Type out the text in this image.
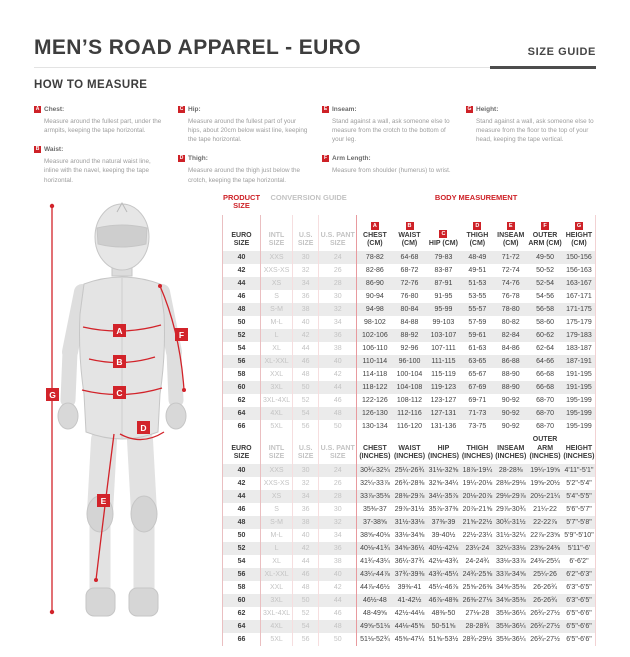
MEN’S ROAD APPAREL - EURO	SIZE GUIDE
HOW TO MEASURE
A Chest:
Measure around the fullest part, under the armpits, keeping the tape horizontal.
B Waist:
Measure around the natural waist line, inline with the navel, keeping the tape horizontal.
C Hip:
Measure around the fullest part of your hips, about 20cm below waist line, keeping the tape horizontal.
D Thigh:
Measure around the thigh just below the crotch, keeping the tape horizontal.
E Inseam:
Stand against a wall, ask someone else to measure from the crotch to the bottom of your leg.
F Arm Length:
Measure from shoulder (humerus) to wrist.
G Height:
Stand against a wall, ask someone else to measure from the floor to the top of your head, keeping the tape vertical.
A
B
C
D
E
F
G
PRODUCT SIZE	CONVERSION GUIDE			BODY MEASUREMENT						

EURO SIZE

INTL SIZE

U.S. SIZE

U.S. PANT SIZE

A
CHEST (CM)

B
WAIST (CM)

C
HIP (CM)

D
THIGH (CM)

E
INSEAM (CM)

F
OUTER ARM (CM)

G
HEIGHT (CM)

40	XXS	30	24	78-82	64-68	79-83	48-49	71-72	49-50	150-156
42	XXS-XS	32	26	82-86	68-72	83-87	49-51	72-74	50-52	156-163
44	XS	34	28	86-90	72-76	87-91	51-53	74-76	52-54	163-167
46	S	36	30	90-94	76-80	91-95	53-55	76-78	54-56	167-171
48	S-M	38	32	94-98	80-84	95-99	55-57	78-80	56-58	171-175
50	M-L	40	34	98-102	84-88	99-103	57-59	80-82	58-60	175-179
52	L	42	36	102-106	88-92	103-107	59-61	82-84	60-62	179-183
54	XL	44	38	106-110	92-96	107-111	61-63	84-86	62-64	183-187
56	XL-XXL	46	40	110-114	96-100	111-115	63-65	86-88	64-66	187-191
58	XXL	48	42	114-118	100-104	115-119	65-67	88-90	66-68	191-195
60	3XL	50	44	118-122	104-108	119-123	67-69	88-90	66-68	191-195
62	3XL-4XL	52	46	122-126	108-112	123-127	69-71	90-92	68-70	195-199
64	4XL	54	48	126-130	112-116	127-131	71-73	90-92	68-70	195-199
66	5XL	56	50	130-134	116-120	131-136	73-75	90-92	68-70	195-199

EURO SIZE	INTL SIZE	U.S. SIZE	U.S. PANT SIZE	CHEST (INCHES)	WAIST (INCHES)	HIP (INCHES)	THIGH (INCHES)	INSEAM (INCHES)	OUTER ARM (INCHES)	HEIGHT (INCHES)

40	XXS	30	24	30¾-32¼	25¼-26¾	31⅛-32⅝	18⅞-19¼	28-28⅜	19¼-19⅝	4'11"-5'1"
42	XXS-XS	32	26	32¼-33⅞	26¾-28⅜	32⅝-34¼	19¼-20⅛	28⅜-29⅛	19⅝-20½	5'2"-5'4"
44	XS	34	28	33⅞-35⅜	28⅜-29⅞	34¼-35⅞	20⅛-20⅞	29⅛-29⅞	20½-21¼	5'4"-5'5"
46	S	36	30	35⅜-37	29⅞-31½	35⅞-37⅜	20⅞-21⅝	29⅞-30¾	21¼-22	5'6"-5'7"
48	S-M	38	32	37-38⅝	31½-33⅛	37⅜-39	21⅝-22½	30¾-31½	22-22⅞	5'7"-5'8"
50	M-L	40	34	38⅝-40⅛	33⅛-34⅝	39-40½	22½-23¼	31½-32¼	22⅞-23⅝	5'9"-5'10"
52	L	42	36	40⅛-41¾	34⅝-36¼	40½-42⅛	23¼-24	32¼-33⅛	23⅝-24⅜	5'11"-6'
54	XL	44	38	41¾-43¼	36¼-37¾	42⅛-43¾	24-24¾	33⅛-33⅞	24⅜-25¼	6'-6'2"
56	XL-XXL	46	40	43¼-44⅞	37¾-39⅜	43¾-45¼	24¾-25⅝	33⅞-34⅝	25¼-26	6'2"-6'3"
58	XXL	48	42	44⅞-46½	39⅜-41	45¼-46⅞	25⅝-26⅜	34⅝-35⅜	26-26¾	6'3"-6'5"
60	3XL	50	44	46½-48	41-42½	46⅞-48⅜	26⅜-27⅛	34⅝-35⅜	26-26¾	6'3"-6'5"
62	3XL-4XL	52	46	48-49⅝	42½-44⅛	48⅜-50	27⅛-28	35⅜-36¼	26¾-27½	6'5"-6'6"
64	4XL	54	48	49⅝-51⅛	44⅛-45⅝	50-51⅝	28-28¾	35⅜-36¼	26¾-27½	6'5"-6'6"
66	5XL	56	50	51⅛-52¾	45⅝-47¼	51⅝-53½	28¾-29½	35⅜-36¼	26¾-27½	6'5"-6'6"
